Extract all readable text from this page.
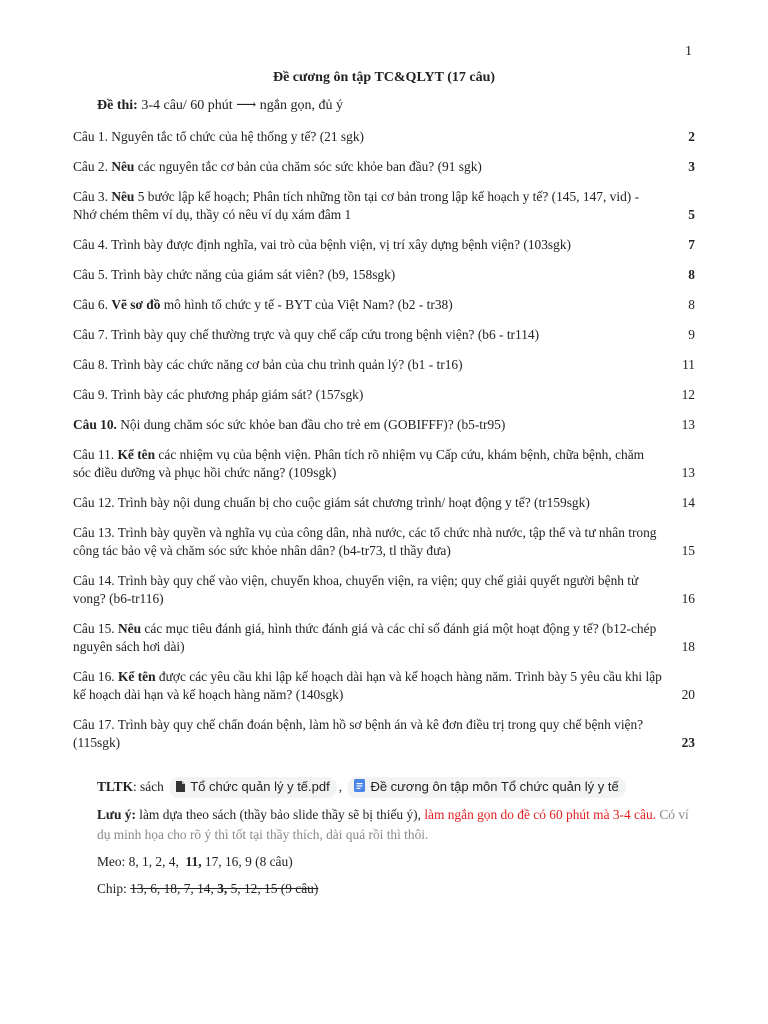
1
Đề cương ôn tập TC&QLYT (17 câu)
Đề thi: 3-4 câu/ 60 phút ⟶ ngắn gọn, đủ ý
Câu 1. Nguyên tắc tổ chức của hệ thống y tế? (21 sgk)	2
Câu 2. Nêu các nguyên tắc cơ bản của chăm sóc sức khỏe ban đầu? (91 sgk)	3
Câu 3. Nêu 5 bước lập kế hoạch; Phân tích những tồn tại cơ bản trong lập kế hoạch y tế? (145, 147, vid) - Nhớ chém thêm ví dụ, thầy có nêu ví dụ xám đâm 1	5
Câu 4. Trình bày được định nghĩa, vai trò của bệnh viện, vị trí xây dựng bệnh viện? (103sgk)	7
Câu 5. Trình bày chức năng của giám sát viên? (b9, 158sgk)	8
Câu 6. Vẽ sơ đồ mô hình tổ chức y tế - BYT của Việt Nam? (b2 - tr38)	8
Câu 7. Trình bày quy chế thường trực và quy chế cấp cứu trong bệnh viện? (b6 - tr114)	9
Câu 8. Trình bày các chức năng cơ bản của chu trình quản lý? (b1 - tr16)	11
Câu 9. Trình bày các phương pháp giám sát? (157sgk)	12
Câu 10. Nội dung chăm sóc sức khỏe ban đầu cho trẻ em (GOBIFFF)? (b5-tr95)	13
Câu 11. Kể tên các nhiệm vụ của bệnh viện. Phân tích rõ nhiệm vụ Cấp cứu, khám bệnh, chữa bệnh, chăm sóc điều dưỡng và phục hồi chức năng? (109sgk)	13
Câu 12. Trình bày nội dung chuẩn bị cho cuộc giám sát chương trình/ hoạt động y tế? (tr159sgk)	14
Câu 13. Trình bày quyền và nghĩa vụ của công dân, nhà nước, các tổ chức nhà nước, tập thể và tư nhân trong công tác bảo vệ và chăm sóc sức khỏe nhân dân? (b4-tr73, tl thầy đưa)	15
Câu 14. Trình bày quy chế vào viện, chuyển khoa, chuyển viện, ra viện; quy chế giải quyết người bệnh tử vong? (b6-tr116)	16
Câu 15. Nêu các mục tiêu đánh giá, hình thức đánh giá và các chỉ số đánh giá một hoạt động y tế? (b12-chép nguyên sách hơi dài)	18
Câu 16. Kể tên được các yêu cầu khi lập kế hoạch dài hạn và kế hoạch hàng năm. Trình bày 5 yêu cầu khi lập kế hoạch dài hạn và kế hoạch hàng năm? (140sgk)	20
Câu 17. Trình bày quy chế chẩn đoán bệnh, làm hồ sơ bệnh án và kê đơn điều trị trong quy chế bệnh viện? (115sgk)	23
TLTK: sách Tổ chức quản lý y tế.pdf , Đề cương ôn tập môn Tổ chức quản lý y tế
Lưu ý: làm dựa theo sách (thầy bảo slide thầy sẽ bị thiếu ý), làm ngắn gọn do đề có 60 phút mà 3-4 câu. Có ví dụ minh họa cho rõ ý thì tốt tại thầy thích, dài quá rồi thì thôi.
Meo: 8, 1, 2, 4,  11, 17, 16, 9 (8 câu)
Chip: 13, 6, 18, 7, 14, 3, 5, 12, 15 (9 câu)
